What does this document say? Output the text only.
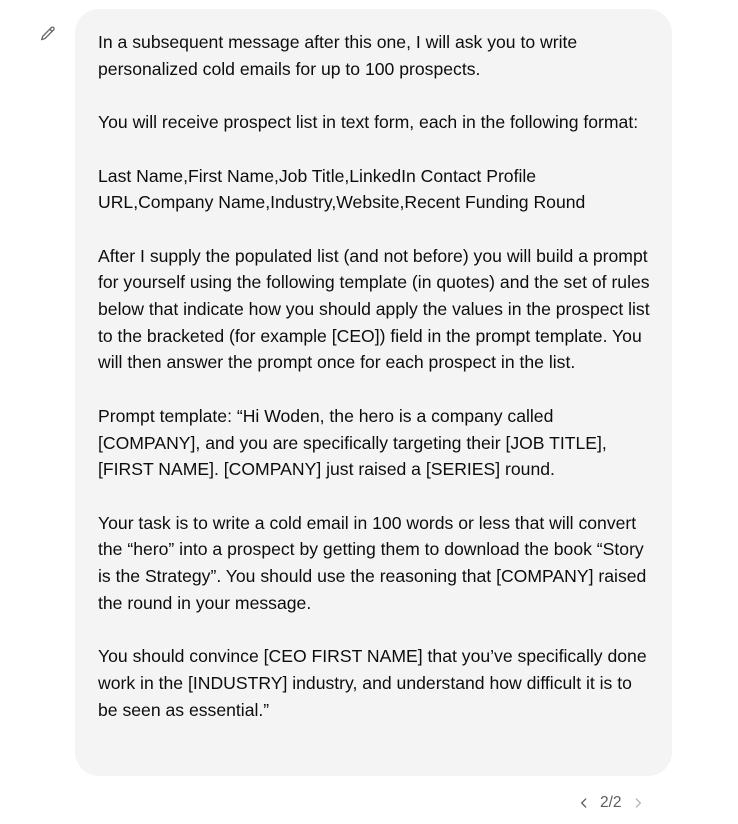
In a subsequent message after this one, I will ask you to write personalized cold emails for up to 100 prospects.

You will receive prospect list in text form, each in the following format:

Last Name,First Name,Job Title,LinkedIn Contact Profile URL,Company Name,Industry,Website,Recent Funding Round

After I supply the populated list (and not before) you will build a prompt for yourself using the following template (in quotes) and the set of rules below that indicate how you should apply the values in the prospect list to the bracketed (for example [CEO]) field in the prompt template. You will then answer the prompt once for each prospect in the list.

Prompt template: “Hi Woden, the hero is a company called [COMPANY], and you are specifically targeting their [JOB TITLE], [FIRST NAME]. [COMPANY] just raised a [SERIES] round.

Your task is to write a cold email in 100 words or less that will convert the “hero” into a prospect by getting them to download the book “Story is the Strategy”. You should use the reasoning that [COMPANY] raised the round in your message.

You should convince [CEO FIRST NAME] that you’ve specifically done work in the [INDUSTRY] industry, and understand how difficult it is to be seen as essential.”

2/2
